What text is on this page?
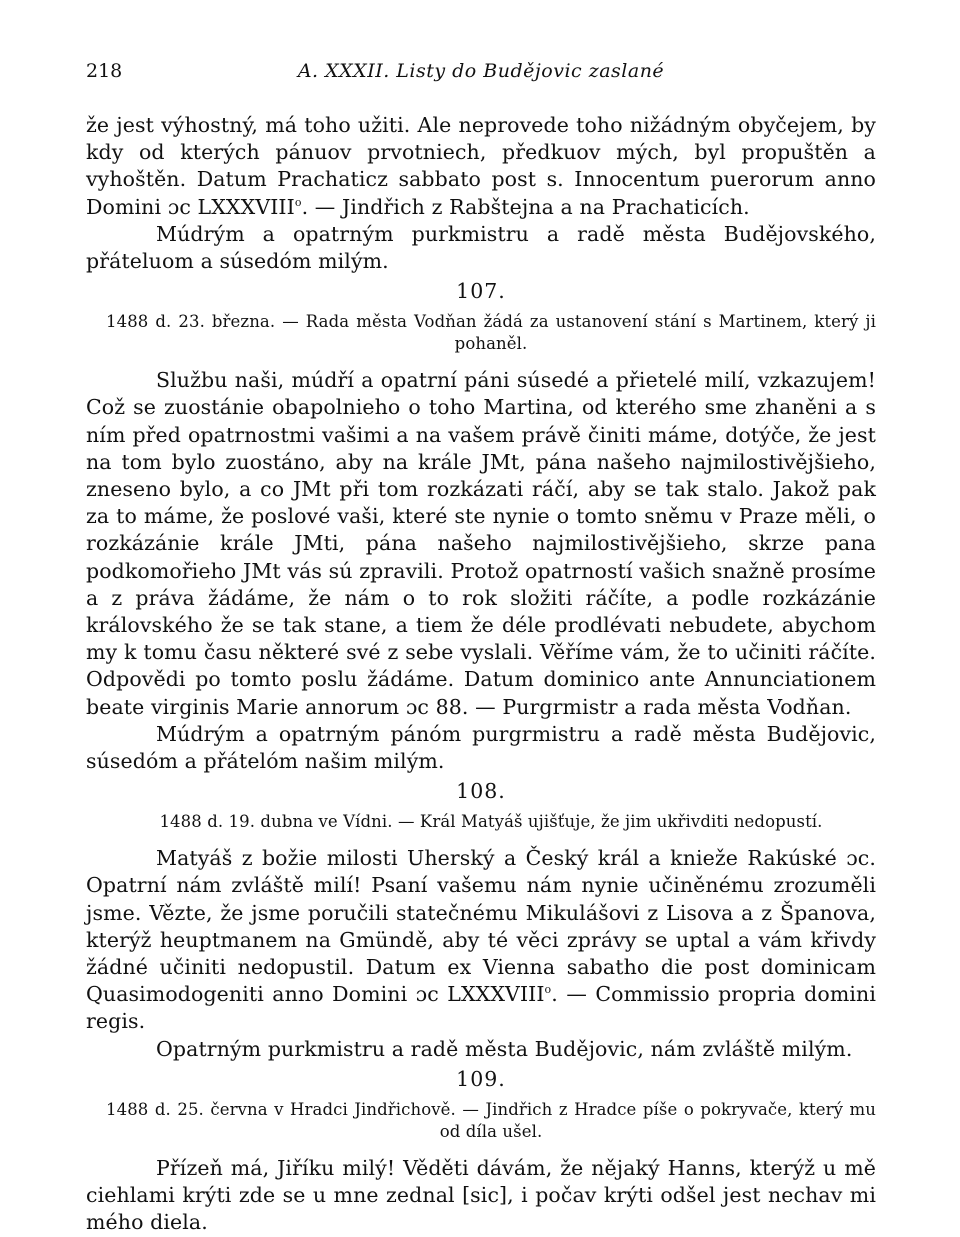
218	A. XXXII. Listy do Budějovic zaslané

že jest výhostný, má toho užiti. Ale neprovede toho nižádným obyčejem, by kdy od kterých pánuov prvotniech, předkuov mých, byl propuštěn a vyhoštěn. Datum Prachaticz sabbato post s. Innocentum puerorum anno Domini ɔc LXXXVIII$^o$. — Jindřich z Rabštejna a na Prachaticích.

Múdrým a opatrným purkmistru a radě města Budějovského, přáteluom a súsedóm milým.

107.

1488 d. 23. března. — Rada města Vodňan žádá za ustanovení stání s Martinem, který ji pohaněl.

Službu naši, múdří a opatrní páni súsedé a přietelé milí, vzkazujem! Což se zuostánie obapolnieho o toho Martina, od kterého sme zhaněni a s ním před opatrnostmi vašimi a na vašem právě činiti máme, dotýče, že jest na tom bylo zuostáno, aby na krále JMt, pána našeho najmilostivějšieho, zneseno bylo, a co JMt při tom rozkázati ráčí, aby se tak stalo. Jakož pak za to máme, že poslové vaši, které ste nynie o tomto sněmu v Praze měli, o rozkázánie krále JMti, pána našeho najmilostivějšieho, skrze pana podkomořieho JMt vás sú zpravili. Protož opatrností vašich snažně prosíme a z práva žádáme, že nám o to rok složiti ráčíte, a podle rozkázánie královského že se tak stane, a tiem že déle prodlévati nebudete, abychom my k tomu času některé své z sebe vyslali. Věříme vám, že to učiniti ráčíte. Odpovědi po tomto poslu žádáme. Datum dominico ante Annunciationem beate virginis Marie annorum ɔc 88. — Purgrmistr a rada města Vodňan.

Múdrým a opatrným pánóm purgrmistru a radě města Budějovic, súsedóm a přátelóm našim milým.

108.

1488 d. 19. dubna ve Vídni. — Král Matyáš ujišťuje, že jim ukřivditi nedopustí.

Matyáš z božie milosti Uherský a Český král a knieže Rakúské ɔc. Opatrní nám zvláště milí! Psaní vašemu nám nynie učiněnému zrozuměli jsme. Vězte, že jsme poručili statečnému Mikulášovi z Lisova a z Španova, kterýž heuptmanem na Gmündě, aby té věci zprávy se uptal a vám křivdy žádné učiniti nedopustil. Datum ex Vienna sabatho die post dominicam Quasimodogeniti anno Domini ɔc LXXXVIII$^o$. — Commissio propria domini regis.

Opatrným purkmistru a radě města Budějovic, nám zvláště milým.

109.

1488 d. 25. června v Hradci Jindřichově. — Jindřich z Hradce píše o pokryvače, který mu od díla ušel.

Přízeň má, Jiříku milý! Věděti dávám, že nějaký Hanns, kterýž u mě ciehlami krýti zde se u mne zednal [sic], i počav krýti odšel jest nechav mi mého diela.
